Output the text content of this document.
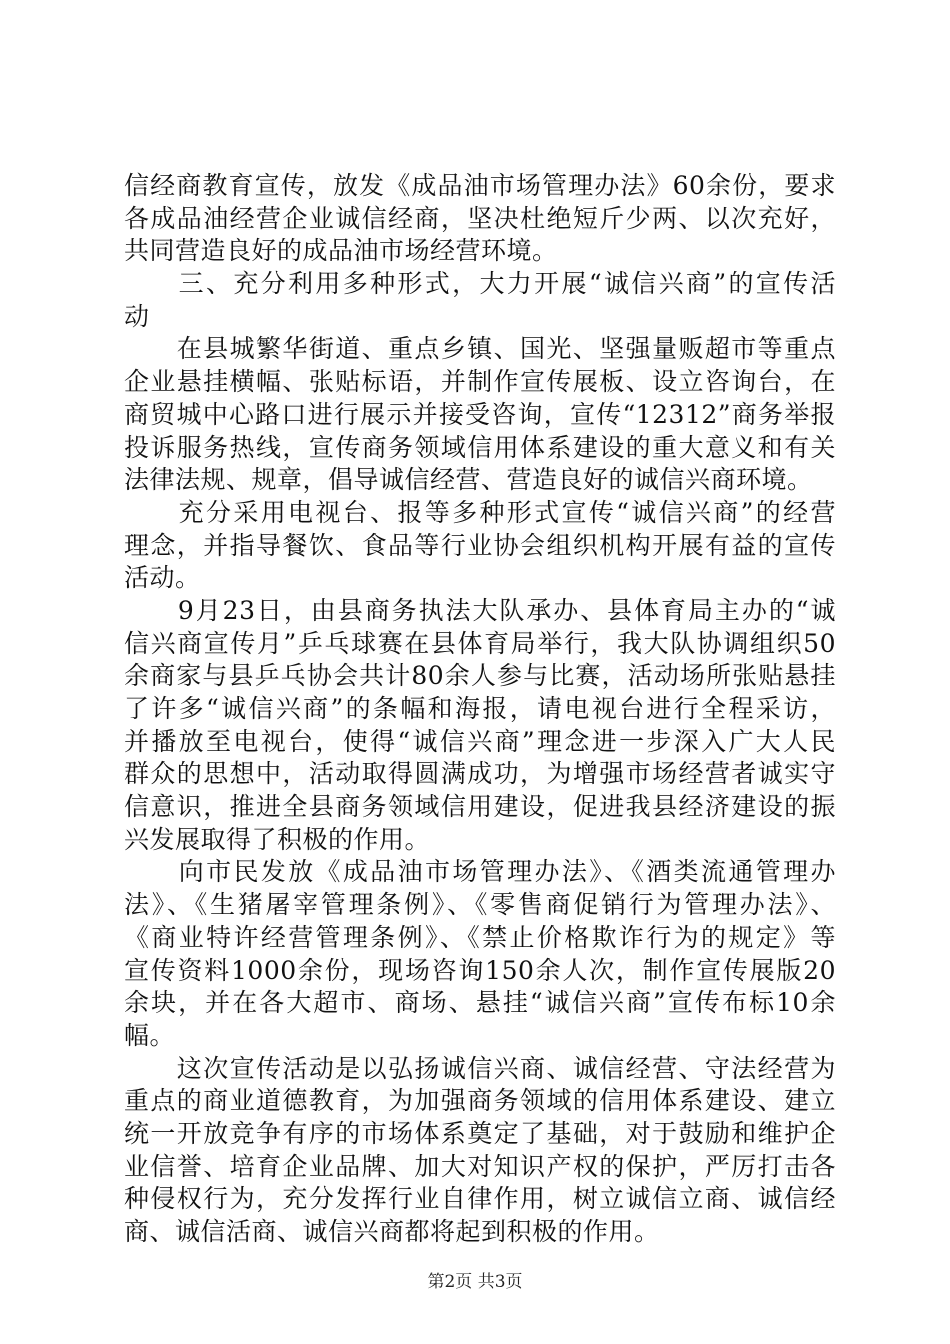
信经商教育宣传，放发《成品油市场管理办法》60余份，要求
各成品油经营企业诚信经商，坚决杜绝短斤少两、以次充好，
共同营造良好的成品油市场经营环境。
　　三、充分利用多种形式，大力开展“诚信兴商”的宣传活
动
　　在县城繁华街道、重点乡镇、国光、坚强量贩超市等重点
企业悬挂横幅、张贴标语，并制作宣传展板、设立咨询台，在
商贸城中心路口进行展示并接受咨询，宣传“12312”商务举报
投诉服务热线，宣传商务领域信用体系建设的重大意义和有关
法律法规、规章，倡导诚信经营、营造良好的诚信兴商环境。
　　充分采用电视台、报等多种形式宣传“诚信兴商”的经营
理念，并指导餐饮、食品等行业协会组织机构开展有益的宣传
活动。
　　9月23日，由县商务执法大队承办、县体育局主办的“诚
信兴商宣传月”乒乓球赛在县体育局举行，我大队协调组织50
余商家与县乒乓协会共计80余人参与比赛，活动场所张贴悬挂
了许多“诚信兴商”的条幅和海报，请电视台进行全程采访，
并播放至电视台，使得“诚信兴商”理念进一步深入广大人民
群众的思想中，活动取得圆满成功，为增强市场经营者诚实守
信意识，推进全县商务领域信用建设，促进我县经济建设的振
兴发展取得了积极的作用。
　　向市民发放《成品油市场管理办法》、《酒类流通管理办
法》、《生猪屠宰管理条例》、《零售商促销行为管理办法》、
《商业特许经营管理条例》、《禁止价格欺诈行为的规定》等
宣传资料1000余份，现场咨询150余人次，制作宣传展版20
余块，并在各大超市、商场、悬挂“诚信兴商”宣传布标10余
幅。
　　这次宣传活动是以弘扬诚信兴商、诚信经营、守法经营为
重点的商业道德教育，为加强商务领域的信用体系建设、建立
统一开放竞争有序的市场体系奠定了基础，对于鼓励和维护企
业信誉、培育企业品牌、加大对知识产权的保护，严厉打击各
种侵权行为，充分发挥行业自律作用，树立诚信立商、诚信经
商、诚信活商、诚信兴商都将起到积极的作用。
第2页 共3页
